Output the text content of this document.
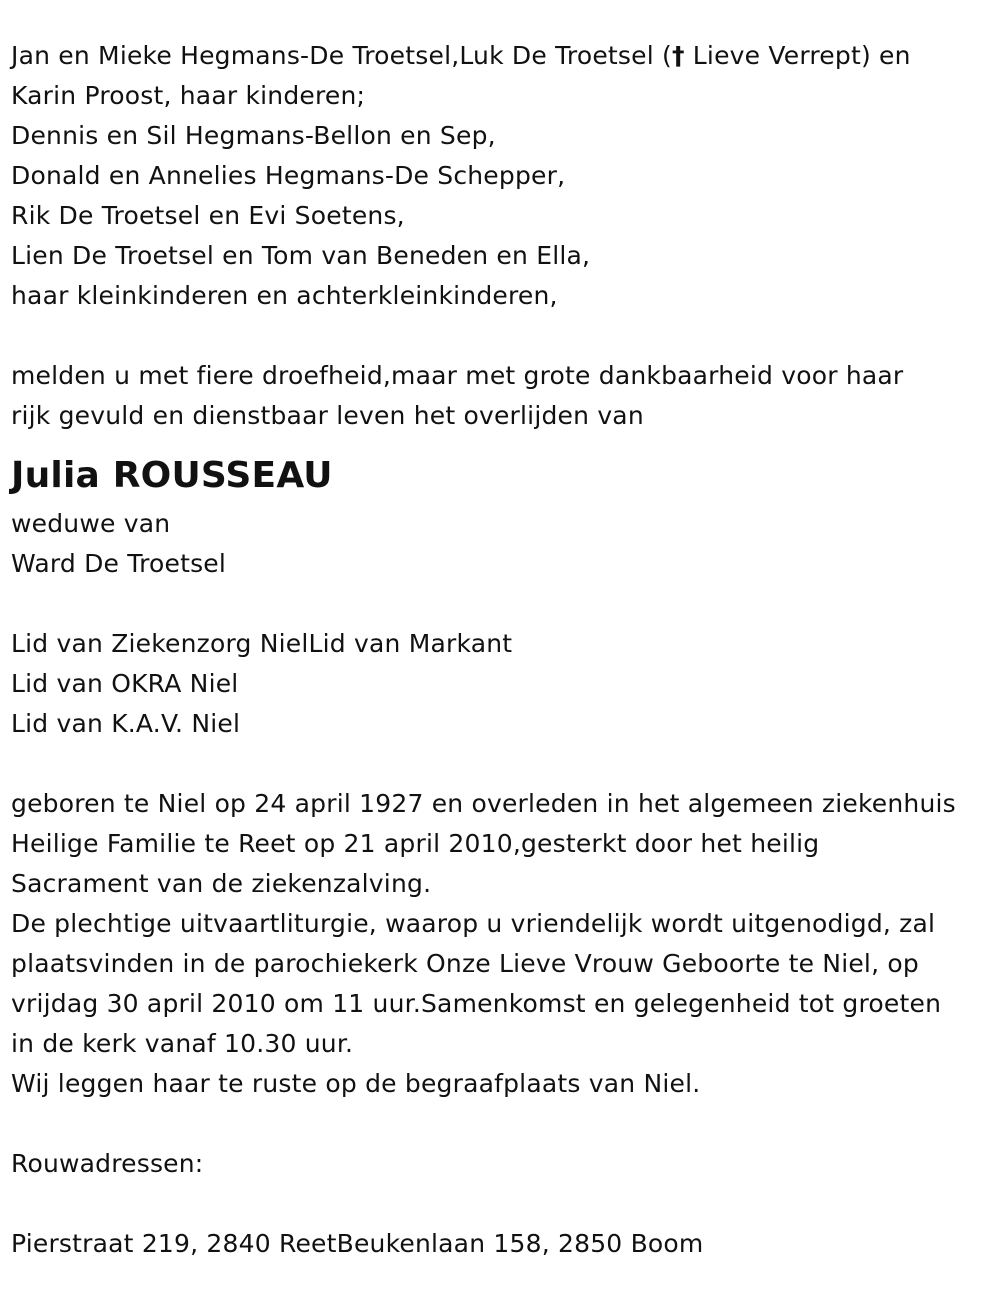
Jan en Mieke Hegmans-De Troetsel,Luk De Troetsel († Lieve Verrept) en
Karin Proost, haar kinderen;
Dennis en Sil Hegmans-Bellon en Sep,
Donald en Annelies Hegmans-De Schepper,
Rik De Troetsel en Evi Soetens,
Lien De Troetsel en Tom van Beneden en Ella,
haar kleinkinderen en achterkleinkinderen,
melden u met fiere droefheid,maar met grote dankbaarheid voor haar
rijk gevuld en dienstbaar leven het overlijden van
Julia ROUSSEAU
weduwe van
Ward De Troetsel
Lid van Ziekenzorg NielLid van Markant
Lid van OKRA Niel
Lid van K.A.V. Niel
geboren te Niel op 24 april 1927 en overleden in het algemeen ziekenhuis
Heilige Familie te Reet op 21 april 2010,gesterkt door het heilig
Sacrament van de ziekenzalving.
De plechtige uitvaartliturgie, waarop u vriendelijk wordt uitgenodigd, zal
plaatsvinden in de parochiekerk Onze Lieve Vrouw Geboorte te Niel, op
vrijdag 30 april 2010 om 11 uur.Samenkomst en gelegenheid tot groeten
in de kerk vanaf 10.30 uur.
Wij leggen haar te ruste op de begraafplaats van Niel.
Rouwadressen:
Pierstraat 219, 2840 ReetBeukenlaan 158, 2850 Boom
